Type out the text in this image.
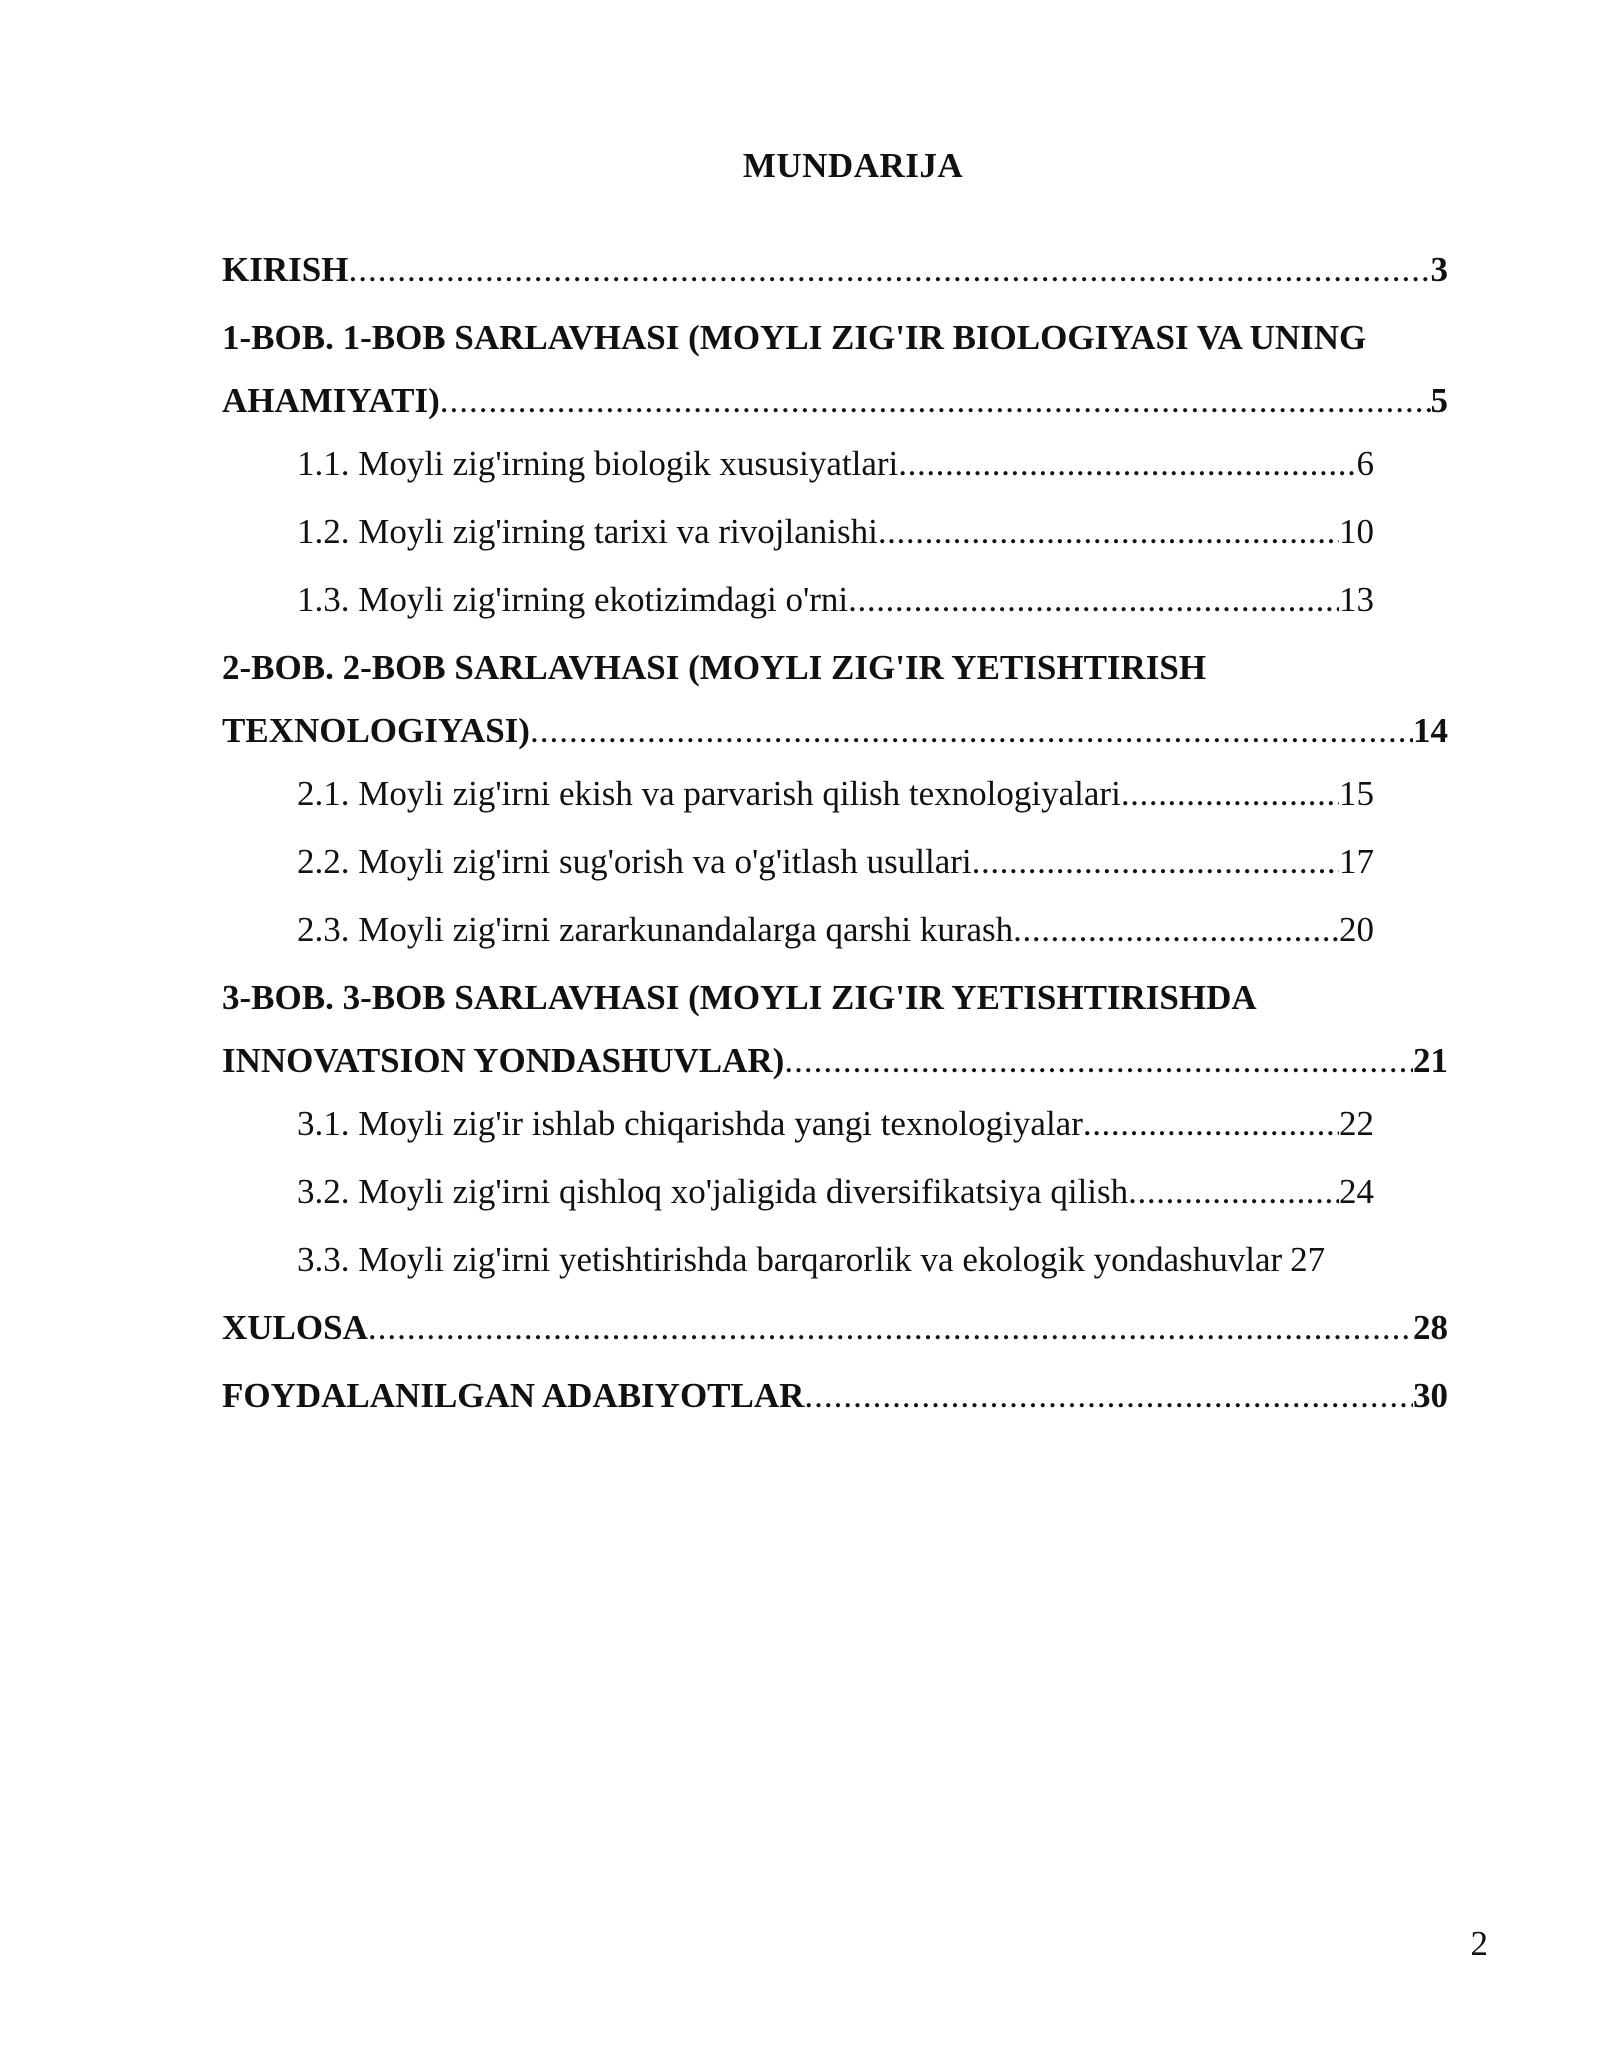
MUNDARIJA
KIRISH .....	3
1-BOB. 1-BOB SARLAVHASI (MOYLI ZIG'IR BIOLOGIYASI VA UNING
AHAMIYATI) .....	5
1.1. Moyli zig'irning biologik xususiyatlari .....	6
1.2. Moyli zig'irning tarixi va rivojlanishi .....	10
1.3. Moyli zig'irning ekotizimdagi o'rni .....	13
2-BOB. 2-BOB SARLAVHASI (MOYLI ZIG'IR YETISHTIRISH
TEXNOLOGIYASI) .....	14
2.1. Moyli zig'irni ekish va parvarish qilish texnologiyalari .....	15
2.2. Moyli zig'irni sug'orish va o'g'itlash usullari .....	17
2.3. Moyli zig'irni zararkunandalarga qarshi kurash .....	20
3-BOB. 3-BOB SARLAVHASI (MOYLI ZIG'IR YETISHTIRISHDA
INNOVATSION YONDASHUVLAR) .....	21
3.1. Moyli zig'ir ishlab chiqarishda yangi texnologiyalar .....	22
3.2. Moyli zig'irni qishloq xo'jaligida diversifikatsiya qilish .....	24
3.3. Moyli zig'irni yetishtirishda barqarorlik va ekologik yondashuvlar 27
XULOSA .....	28
FOYDALANILGAN ADABIYOTLAR .....	30
2
